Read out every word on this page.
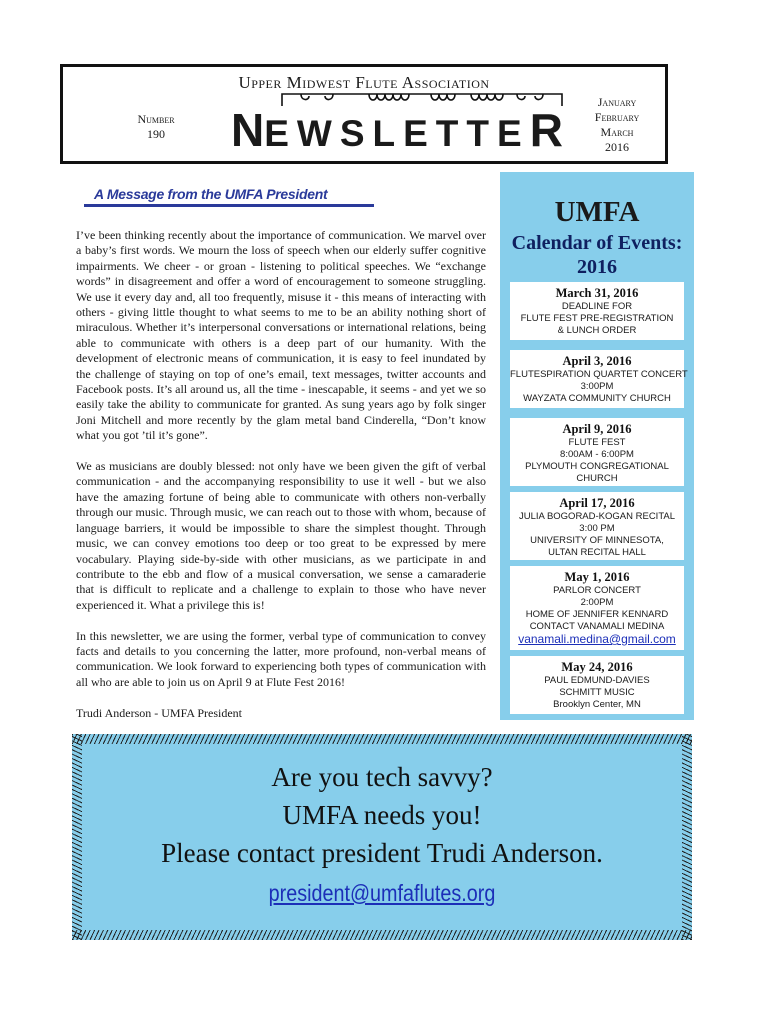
Upper Midwest Flute Association
Number
190	NEWSLETTER
January
February
March
2016
A Message from the UMFA President

I’ve been thinking recently about the importance of communication. We marvel over a baby’s first words. We mourn the loss of speech when our elderly suffer cognitive impairments. We cheer - or groan - listening to political speeches. We “exchange words” in disagreement and offer a word of encouragement to someone struggling. We use it every day and, all too frequently, misuse it - this means of interacting with others - giving little thought to what seems to me to be an ability nothing short of miraculous. Whether it’s interpersonal conversations or international relations, being able to communicate with others is a deep part of our humanity. With the development of electronic means of communication, it is easy to feel inundated by the challenge of staying on top of one’s email, text messages, twitter accounts and Facebook posts. It’s all around us, all the time - inescapable, it seems - and yet we so easily take the ability to communicate for granted. As sung years ago by folk singer Joni Mitchell and more recently by the glam metal band Cinderella, “Don’t know what you got ’til it’s gone”.

We as musicians are doubly blessed: not only have we been given the gift of verbal communication - and the accompanying responsibility to use it well - but we also have the amazing fortune of being able to communicate with others non-verbally through our music. Through music, we can reach out to those with whom, because of language barriers, it would be impossible to share the simplest thought. Through music, we can convey emotions too deep or too great to be expressed by mere vocabulary. Playing side-by-side with other musicians, as we participate in and contribute to the ebb and flow of a musical conversation, we sense a camaraderie that is difficult to replicate and a challenge to explain to those who have never experienced it. What a privilege this is!

In this newsletter, we are using the former, verbal type of communication to convey facts and details to you concerning the latter, more profound, non-verbal means of communication. We look forward to experiencing both types of communication with all who are able to join us on April 9 at Flute Fest 2016!

Trudi Anderson - UMFA President

UMFA
Calendar of Events:
2016
March 31, 2016
DEADLINE FOR
FLUTE FEST PRE-REGISTRATION
& LUNCH ORDER
April 3, 2016
FLUTESPIRATION QUARTET CONCERT
3:00PM
WAYZATA COMMUNITY CHURCH
April 9, 2016
FLUTE FEST
8:00AM - 6:00PM
PLYMOUTH CONGREGATIONAL
CHURCH
April 17, 2016
JULIA BOGORAD-KOGAN RECITAL
3:00 PM
UNIVERSITY OF MINNESOTA,
ULTAN RECITAL HALL
May 1, 2016
PARLOR CONCERT
2:00PM
HOME OF JENNIFER KENNARD
CONTACT VANAMALI MEDINA
vanamali.medina@gmail.com
May 24, 2016
PAUL EDMUND-DAVIES
SCHMITT MUSIC
Brooklyn Center, MN
Are you tech savvy?
UMFA needs you!
Please contact president Trudi Anderson.
president@umfaflutes.org
